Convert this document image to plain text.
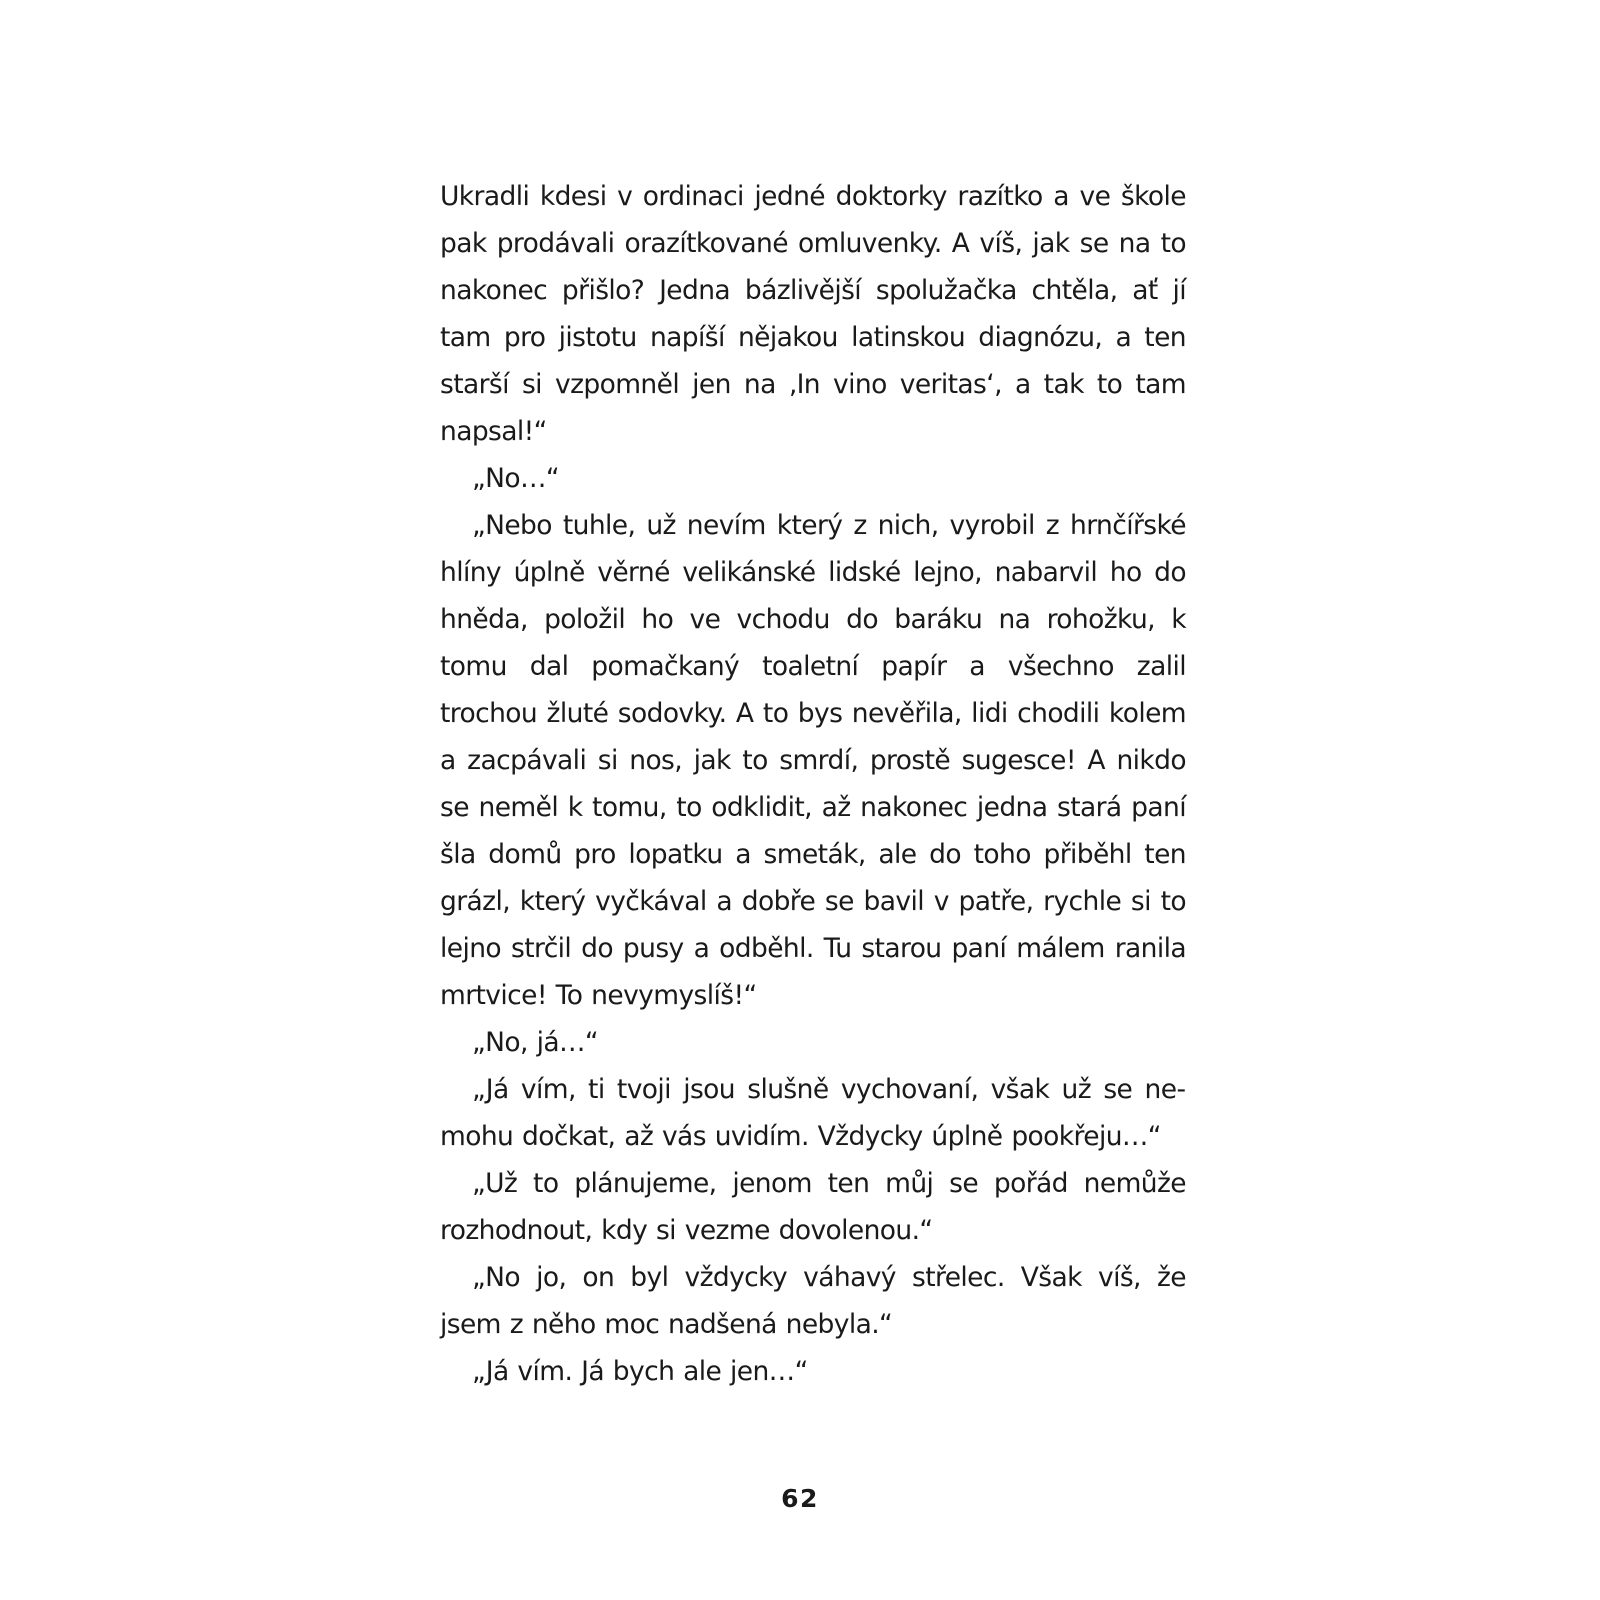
Ukradli kdesi v ordinaci jedné doktorky razítko a ve škole pak prodávali orazítkované omluvenky. A víš, jak se na to nakonec přišlo? Jedna bázlivější spolužačka chtěla, ať jí tam pro jistotu napíší nějakou latinskou diagnózu, a ten starší si vzpomněl jen na ‚In vino veritas‘, a tak to tam napsal!“

„No…“

„Nebo tuhle, už nevím který z nich, vyrobil z hrnčířské hlíny úplně věrné velikánské lidské lejno, nabarvil ho do hněda, položil ho ve vchodu do baráku na rohožku, k tomu dal pomačkaný toaletní papír a všechno zalil trochou žluté sodovky. A to bys nevěřila, lidi chodili kolem a zacpávali si nos, jak to smrdí, prostě sugesce! A nikdo se neměl k tomu, to odklidit, až nakonec jedna stará paní šla domů pro lopatku a smeták, ale do toho přiběhl ten grázl, který vyčkával a dobře se bavil v patře, rychle si to lejno strčil do pusy a odběhl. Tu starou paní málem ranila mrtvice! To nevymyslíš!“

„No, já…“

„Já vím, ti tvoji jsou slušně vychovaní, však už se nemohu dočkat, až vás uvidím. Vždycky úplně pookřeju…“

„Už to plánujeme, jenom ten můj se pořád nemůže rozhodnout, kdy si vezme dovolenou.“

„No jo, on byl vždycky váhavý střelec. Však víš, že jsem z něho moc nadšená nebyla.“

„Já vím. Já bych ale jen…“

62
